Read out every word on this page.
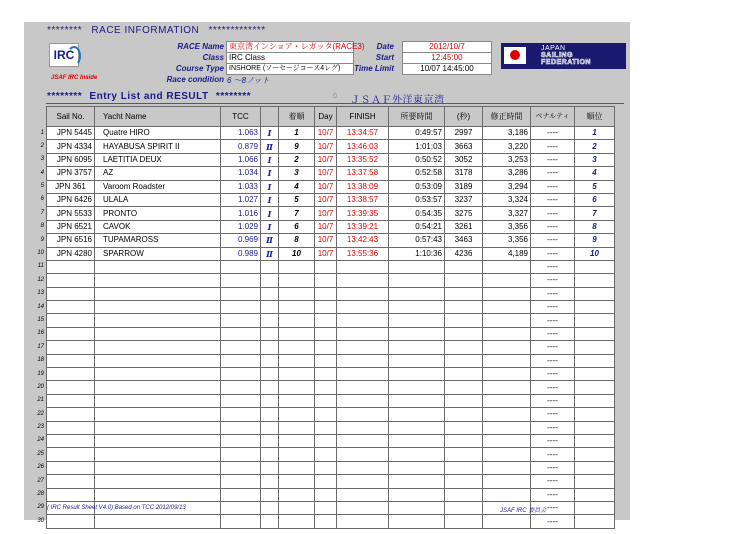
******** RACE INFORMATION *************
IRC
JSAF IRC Inside
RACE Name 東京湾インショア・レガッタ(RACE3)
Class IRC Class
Course Type INSHORE (ソーセージコース4レグ)
Race condition 6 ～8ノット
Date	2012/10/7
Start	12:45:00
Time Limit	10/07 14:45:00
JAPAN
SAILING
FEDERATION
******** Entry List and RESULT ********	0 ＪＳＡＦ外洋東京湾
Sail No.	Yacht Name	TCC		着順	Day	FINISH	所要時間	(秒)	修正時間	ペナルティ	順位
JPN 5445	Quatre HIRO	1.063	Ⅰ	1	10/7	13:34:57	0:49:57	2997	3,186	----	1
JPN 4334	HAYABUSA SPIRIT II	0.879	Ⅱ	9	10/7	13:46:03	1:01:03	3663	3,220	----	2
JPN 6095	LAETITIA DEUX	1.066	Ⅰ	2	10/7	13:35:52	0:50:52	3052	3,253	----	3
JPN 3757	AZ	1.034	Ⅰ	3	10/7	13:37:58	0:52:58	3178	3,286	----	4
JPN 361	Varoom Roadster	1.033	Ⅰ	4	10/7	13:38:09	0:53:09	3189	3,294	----	5
JPN 6426	ULALA	1.027	Ⅰ	5	10/7	13:38:57	0:53:57	3237	3,324	----	6
JPN 5533	PRONTO	1.016	Ⅰ	7	10/7	13:39:35	0:54:35	3275	3,327	----	7
JPN 6521	CAVOK	1.029	Ⅰ	6	10/7	13:39:21	0:54:21	3261	3,356	----	8
JPN 6516	TUPAMAROSS	0.969	Ⅱ	8	10/7	13:42:43	0:57:43	3463	3,356	----	9
JPN 4280	SPARROW	0.989	Ⅱ	10	10/7	13:55:36	1:10:36	4236	4,189	----	10
										----	
										----	
										----	
										----	
										----	
										----	
										----	
										----	
										----	
										----	
										----	
										----	
										----	
										----	
										----	
										----	
										----	
										----	
										----	
										----	
1
2
3
4
5
6
7
8
9
10
11
12
13
14
15
16
17
18
19
20
21
22
23
24
25
26
27
28
29
30
( IRC Result Sheet V4.0) Based on TCC 2012/09/13	JSAF IRC 委員会
